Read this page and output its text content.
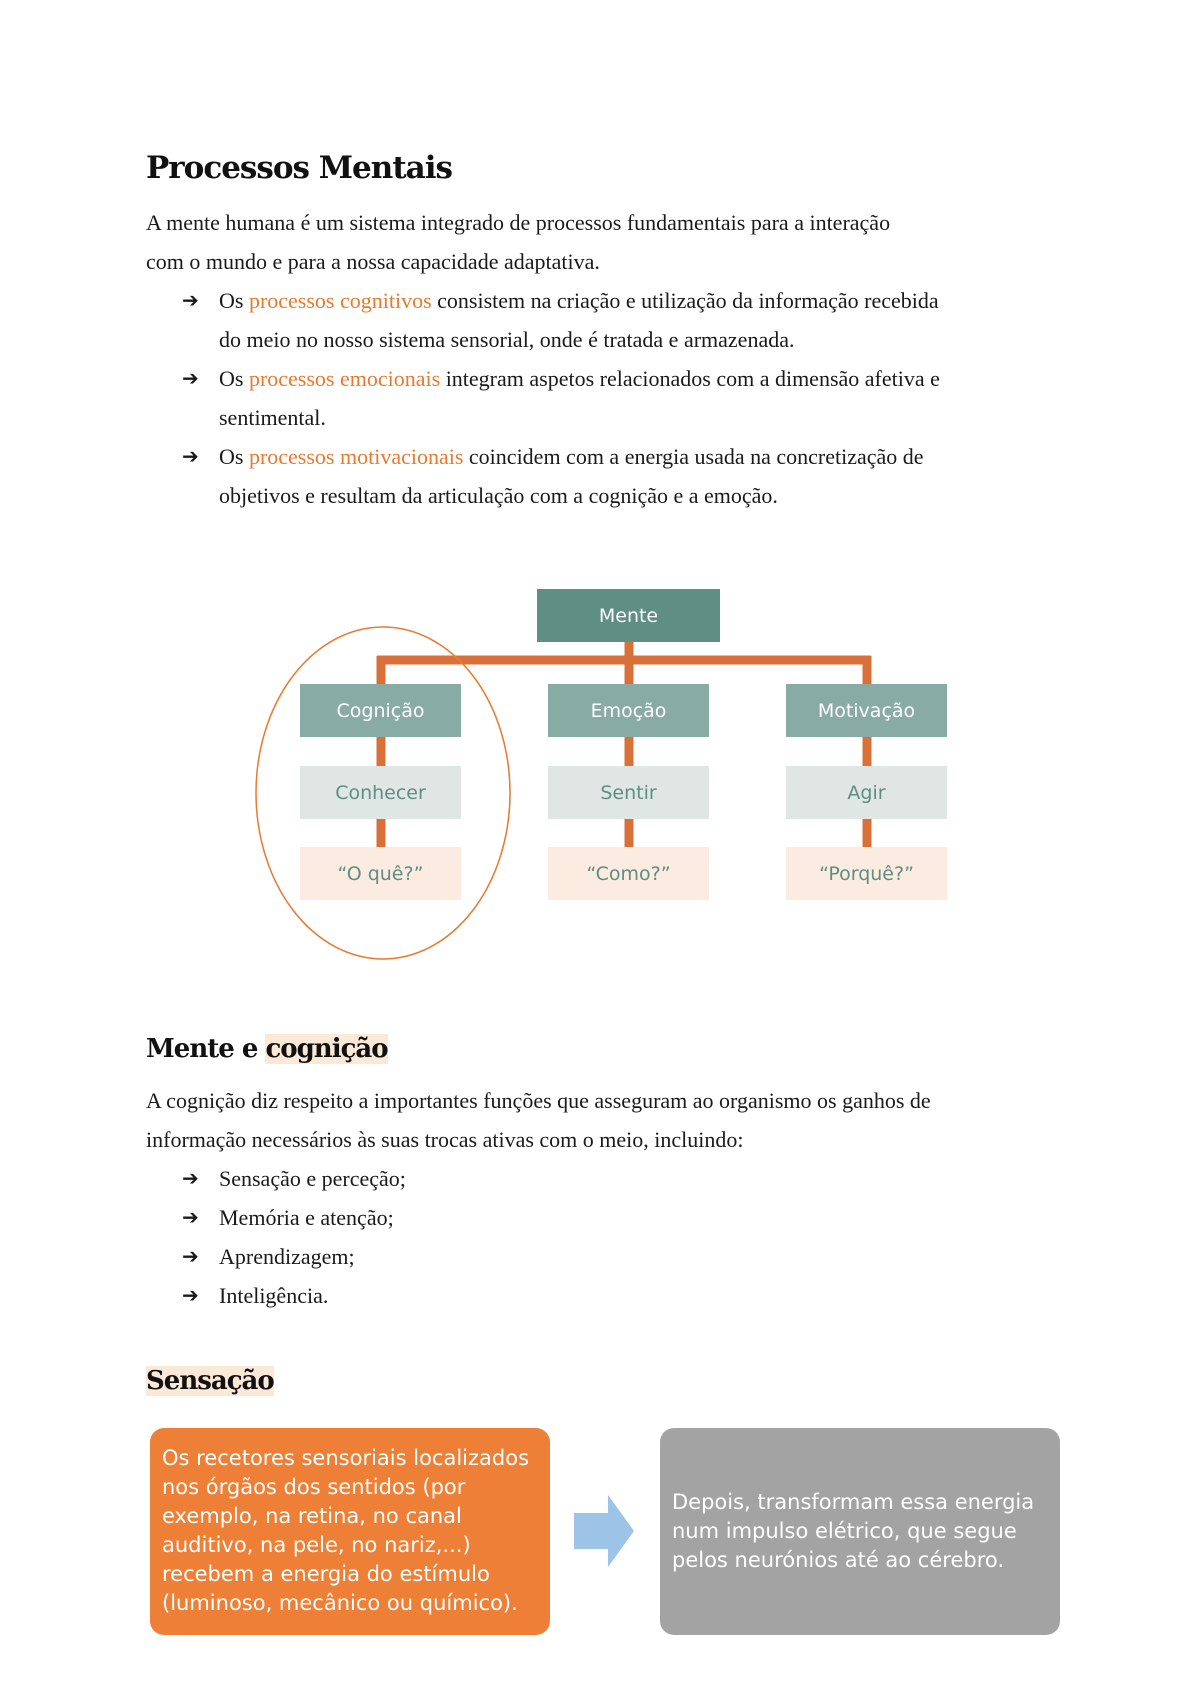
Processos Mentais

A mente humana é um sistema integrado de processos fundamentais para a interação
com o mundo e para a nossa capacidade adaptativa.

➔ Os processos cognitivos consistem na criação e utilização da informação recebida
do meio no nosso sistema sensorial, onde é tratada e armazenada.
➔ Os processos emocionais integram aspetos relacionados com a dimensão afetiva e
sentimental.
➔ Os processos motivacionais coincidem com a energia usada na concretização de
objetivos e resultam da articulação com a cognição e a emoção.
Mente
Cognição	Emoção	Motivação
Conhecer	Sentir	Agir
“O quê?”	“Como?”	“Porquê?”
Mente e cognição

A cognição diz respeito a importantes funções que asseguram ao organismo os ganhos de
informação necessários às suas trocas ativas com o meio, incluindo:

➔ Sensação e perceção;
➔ Memória e atenção;
➔ Aprendizagem;
➔ Inteligência.
Sensação
Os recetores sensoriais localizados
nos órgãos dos sentidos (por
exemplo, na retina, no canal
auditivo, na pele, no nariz,...)
recebem a energia do estímulo
(luminoso, mecânico ou químico).
Depois, transformam essa energia
num impulso elétrico, que segue
pelos neurónios até ao cérebro.
